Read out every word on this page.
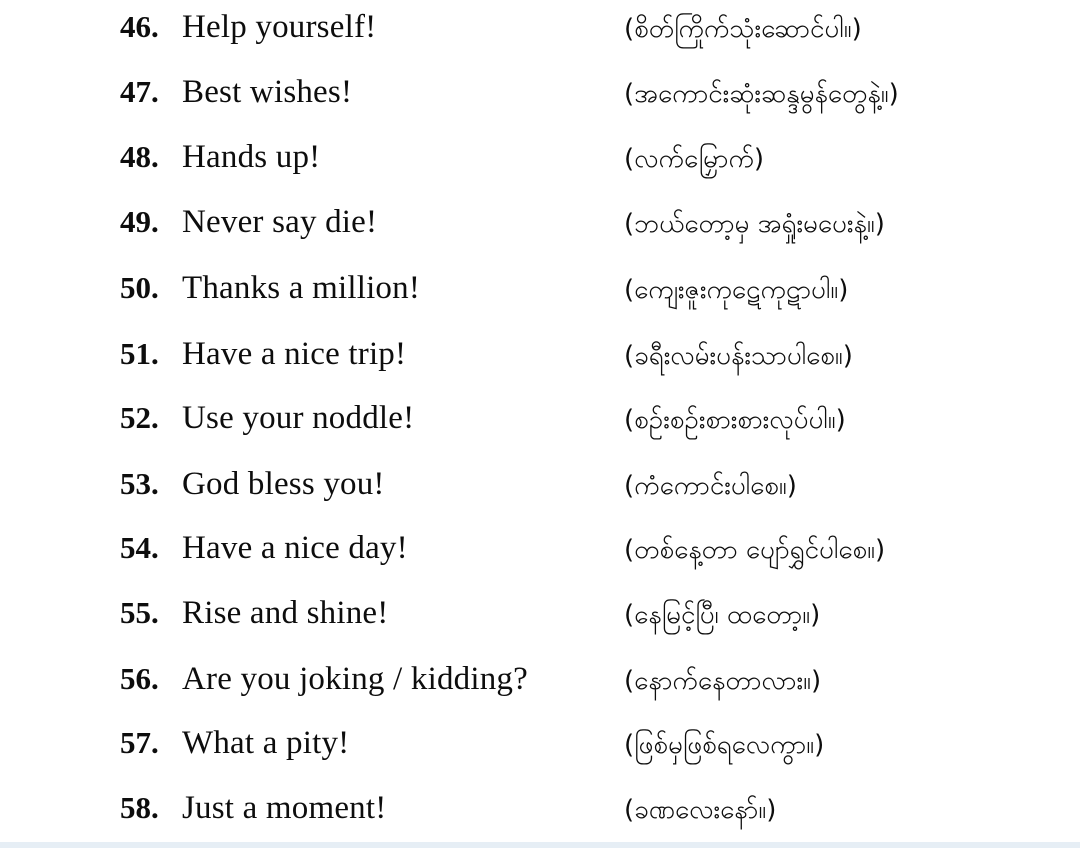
46. Help yourself!	(စိတ်ကြိုက်သုံးဆောင်ပါ။)
47. Best wishes!	(အကောင်းဆုံးဆန္ဒမွန်တွေနဲ့။)
48. Hands up!	(လက်မြှောက်)
49. Never say die!	(ဘယ်တော့မှ အရှုံးမပေးနဲ့။)
50. Thanks a million!	(ကျေးဇူးကုဋေကုဋာပါ။)
51. Have a nice trip!	(ခရီးလမ်းပန်းသာပါစေ။)
52. Use your noddle!	(စဉ်းစဉ်းစားစားလုပ်ပါ။)
53. God bless you!	(ကံကောင်းပါစေ။)
54. Have a nice day!	(တစ်နေ့တာ ပျော်ရွှင်ပါစေ။)
55. Rise and shine!	(နေမြင့်ပြီ၊ ထတော့။)
56. Are you joking / kidding?	(နောက်နေတာလား။)
57. What a pity!	(ဖြစ်မှဖြစ်ရလေကွာ။)
58. Just a moment!	(ခဏလေးနော်။)
